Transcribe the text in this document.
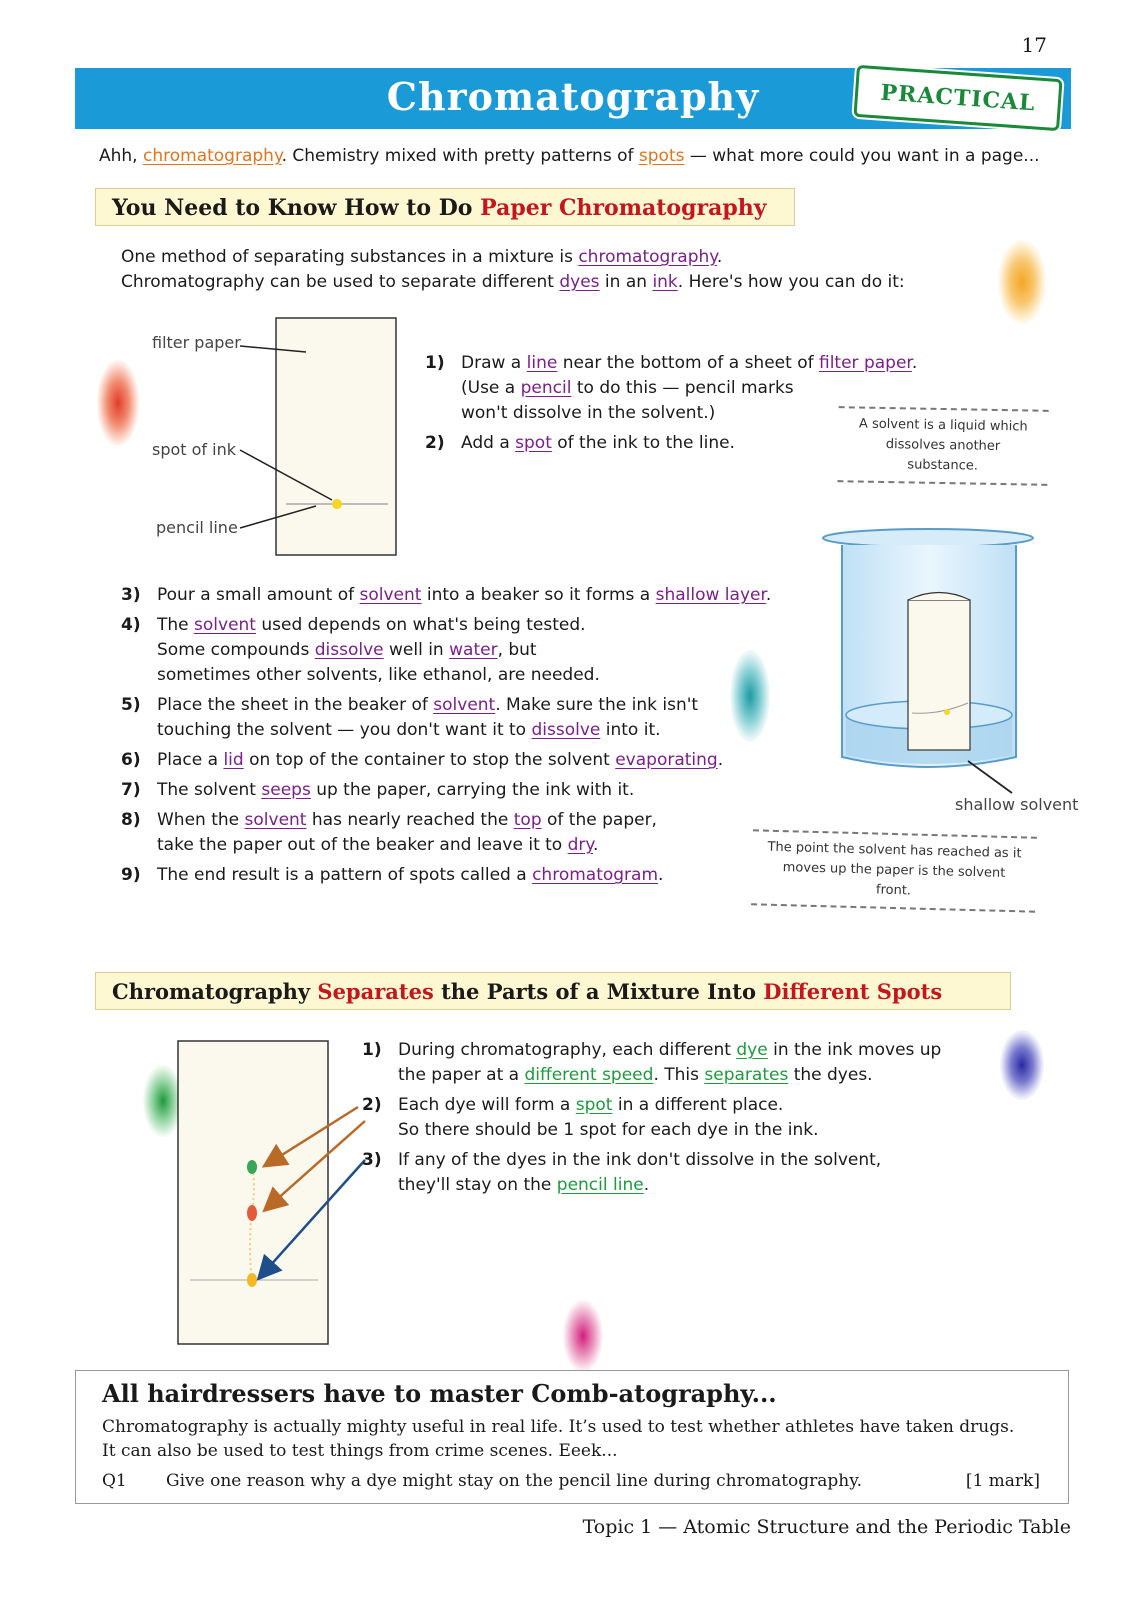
17
Chromatography	PRACTICAL
Ahh, chromatography. Chemistry mixed with pretty patterns of spots — what more could you want in a page...
You Need to Know How to Do Paper Chromatography
One method of separating substances in a mixture is chromatography.
Chromatography can be used to separate different dyes in an ink. Here's how you can do it:
filter paper
spot of ink
pencil line
1) Draw a line near the bottom of a sheet of filter paper.
(Use a pencil to do this — pencil marks
won't dissolve in the solvent.)
2) Add a spot of the ink to the line.
A solvent is a liquid which
dissolves another substance.
shallow solvent
3) Pour a small amount of solvent into a beaker so it forms a shallow layer.
4) The solvent used depends on what's being tested.
Some compounds dissolve well in water, but
sometimes other solvents, like ethanol, are needed.
5) Place the sheet in the beaker of solvent. Make sure the ink isn't
touching the solvent — you don't want it to dissolve into it.
6) Place a lid on top of the container to stop the solvent evaporating.
7) The solvent seeps up the paper, carrying the ink with it.
8) When the solvent has nearly reached the top of the paper,
take the paper out of the beaker and leave it to dry.
9) The end result is a pattern of spots called a chromatogram.
The point the solvent has reached as it
moves up the paper is the solvent front.
Chromatography Separates the Parts of a Mixture Into Different Spots
1) During chromatography, each different dye in the ink moves up
the paper at a different speed. This separates the dyes.
2) Each dye will form a spot in a different place.
So there should be 1 spot for each dye in the ink.
3) If any of the dyes in the ink don't dissolve in the solvent,
they'll stay on the pencil line.
All hairdressers have to master Comb-atography...
Chromatography is actually mighty useful in real life. It’s used to test whether athletes have taken drugs.
It can also be used to test things from crime scenes. Eeek...
Q1 Give one reason why a dye might stay on the pencil line during chromatography.	[1 mark]
Topic 1 — Atomic Structure and the Periodic Table
